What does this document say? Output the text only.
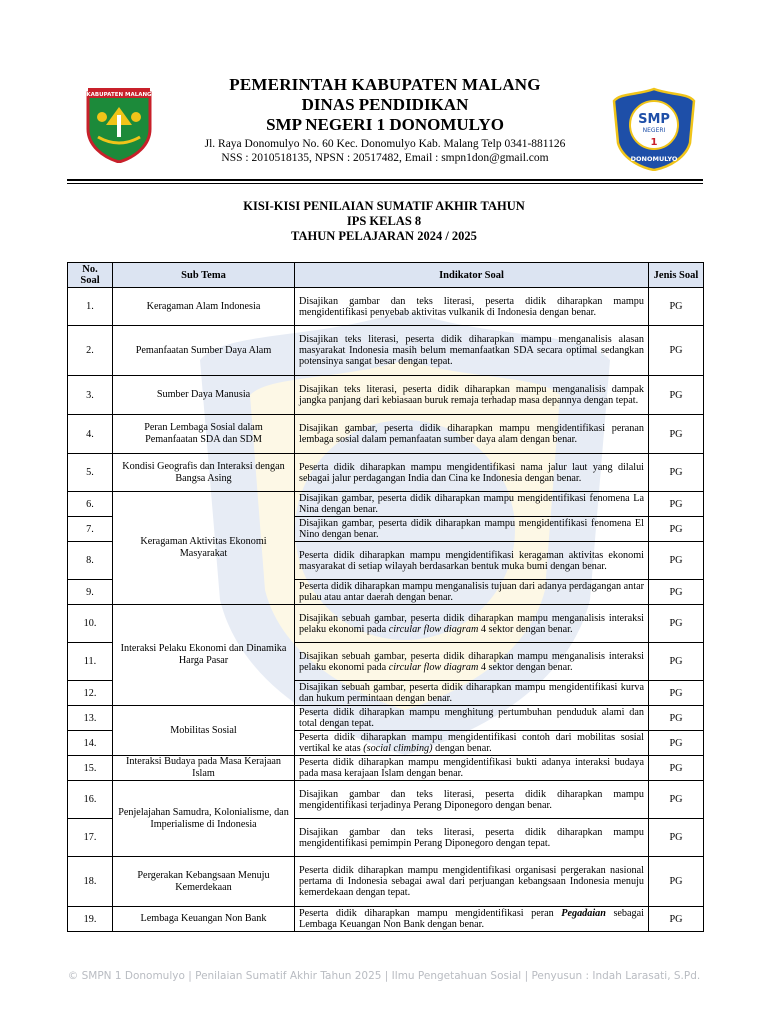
KABUPATEN MALANG
PEMERINTAH KABUPATEN MALANG
DINAS PENDIDIKAN
SMP NEGERI 1 DONOMULYO
Jl. Raya Donomulyo No. 60 Kec. Donomulyo Kab. Malang Telp 0341-881126
NSS : 2010518135, NPSN : 20517482, Email : smpn1don@gmail.com
SMP
NEGERI
1
DONOMULYO
KISI-KISI PENILAIAN SUMATIF AKHIR TAHUN
IPS KELAS 8
TAHUN PELAJARAN 2024 / 2025
No. Soal	Sub Tema	Indikator Soal	Jenis Soal
1.	Keragaman Alam Indonesia	Disajikan gambar dan teks literasi, peserta didik diharapkan mampu mengidentifikasi penyebab aktivitas vulkanik di Indonesia dengan benar.	PG
2.	Pemanfaatan Sumber Daya Alam	Disajikan teks literasi, peserta didik diharapkan mampu menganalisis alasan masyarakat Indonesia masih belum memanfaatkan SDA secara optimal sedangkan potensinya sangat besar dengan tepat.	PG
3.	Sumber Daya Manusia	Disajikan teks literasi, peserta didik diharapkan mampu menganalisis dampak jangka panjang dari kebiasaan buruk remaja terhadap masa depannya dengan tepat.	PG
4.	Peran Lembaga Sosial dalam Pemanfaatan SDA dan SDM	Disajikan gambar, peserta didik diharapkan mampu mengidentifikasi peranan lembaga sosial dalam pemanfaatan sumber daya alam dengan benar.	PG
5.	Kondisi Geografis dan Interaksi dengan Bangsa Asing	Peserta didik diharapkan mampu mengidentifikasi nama jalur laut yang dilalui sebagai jalur perdagangan India dan Cina ke Indonesia dengan benar.	PG
6.	Keragaman Aktivitas Ekonomi Masyarakat	Disajikan gambar, peserta didik diharapkan mampu mengidentifikasi fenomena La Nina dengan benar.	PG
7.		Disajikan gambar, peserta didik diharapkan mampu mengidentifikasi fenomena El Nino dengan benar.	PG
8.		Peserta didik diharapkan mampu mengidentifikasi keragaman aktivitas ekonomi masyarakat di setiap wilayah berdasarkan bentuk muka bumi dengan benar.	PG
9.		Peserta didik diharapkan mampu menganalisis tujuan dari adanya perdagangan antar pulau atau antar daerah dengan benar.	PG
10.	Interaksi Pelaku Ekonomi dan Dinamika Harga Pasar	Disajikan sebuah gambar, peserta didik diharapkan mampu menganalisis interaksi pelaku ekonomi pada circular flow diagram 4 sektor dengan benar.	PG
11.		Disajikan sebuah gambar, peserta didik diharapkan mampu menganalisis interaksi pelaku ekonomi pada circular flow diagram 4 sektor dengan benar.	PG
12.		Disajikan sebuah gambar, peserta didik diharapkan mampu mengidentifikasi kurva dan hukum permintaan dengan benar.	PG
13.	Mobilitas Sosial	Peserta didik diharapkan mampu menghitung pertumbuhan penduduk alami dan total dengan tepat.	PG
14.		Peserta didik diharapkan mampu mengidentifikasi contoh dari mobilitas sosial vertikal ke atas (social climbing) dengan benar.	PG
15.	Interaksi Budaya pada Masa Kerajaan Islam	Peserta didik diharapkan mampu mengidentifikasi bukti adanya interaksi budaya pada masa kerajaan Islam dengan benar.	PG
16.	Penjelajahan Samudra, Kolonialisme, dan Imperialisme di Indonesia	Disajikan gambar dan teks literasi, peserta didik diharapkan mampu mengidentifikasi terjadinya Perang Diponegoro dengan benar.	PG
17.		Disajikan gambar dan teks literasi, peserta didik diharapkan mampu mengidentifikasi pemimpin Perang Diponegoro dengan tepat.	PG
18.	Pergerakan Kebangsaan Menuju Kemerdekaan	Peserta didik diharapkan mampu mengidentifikasi organisasi pergerakan nasional pertama di Indonesia sebagai awal dari perjuangan kebangsaan Indonesia menuju kemerdekaan dengan tepat.	PG
19.	Lembaga Keuangan Non Bank	Peserta didik diharapkan mampu mengidentifikasi peran Pegadaian sebagai Lembaga Keuangan Non Bank dengan benar.	PG
© SMPN 1 Donomulyo | Penilaian Sumatif Akhir Tahun 2025 | Ilmu Pengetahuan Sosial | Penyusun : Indah Larasati, S.Pd.
